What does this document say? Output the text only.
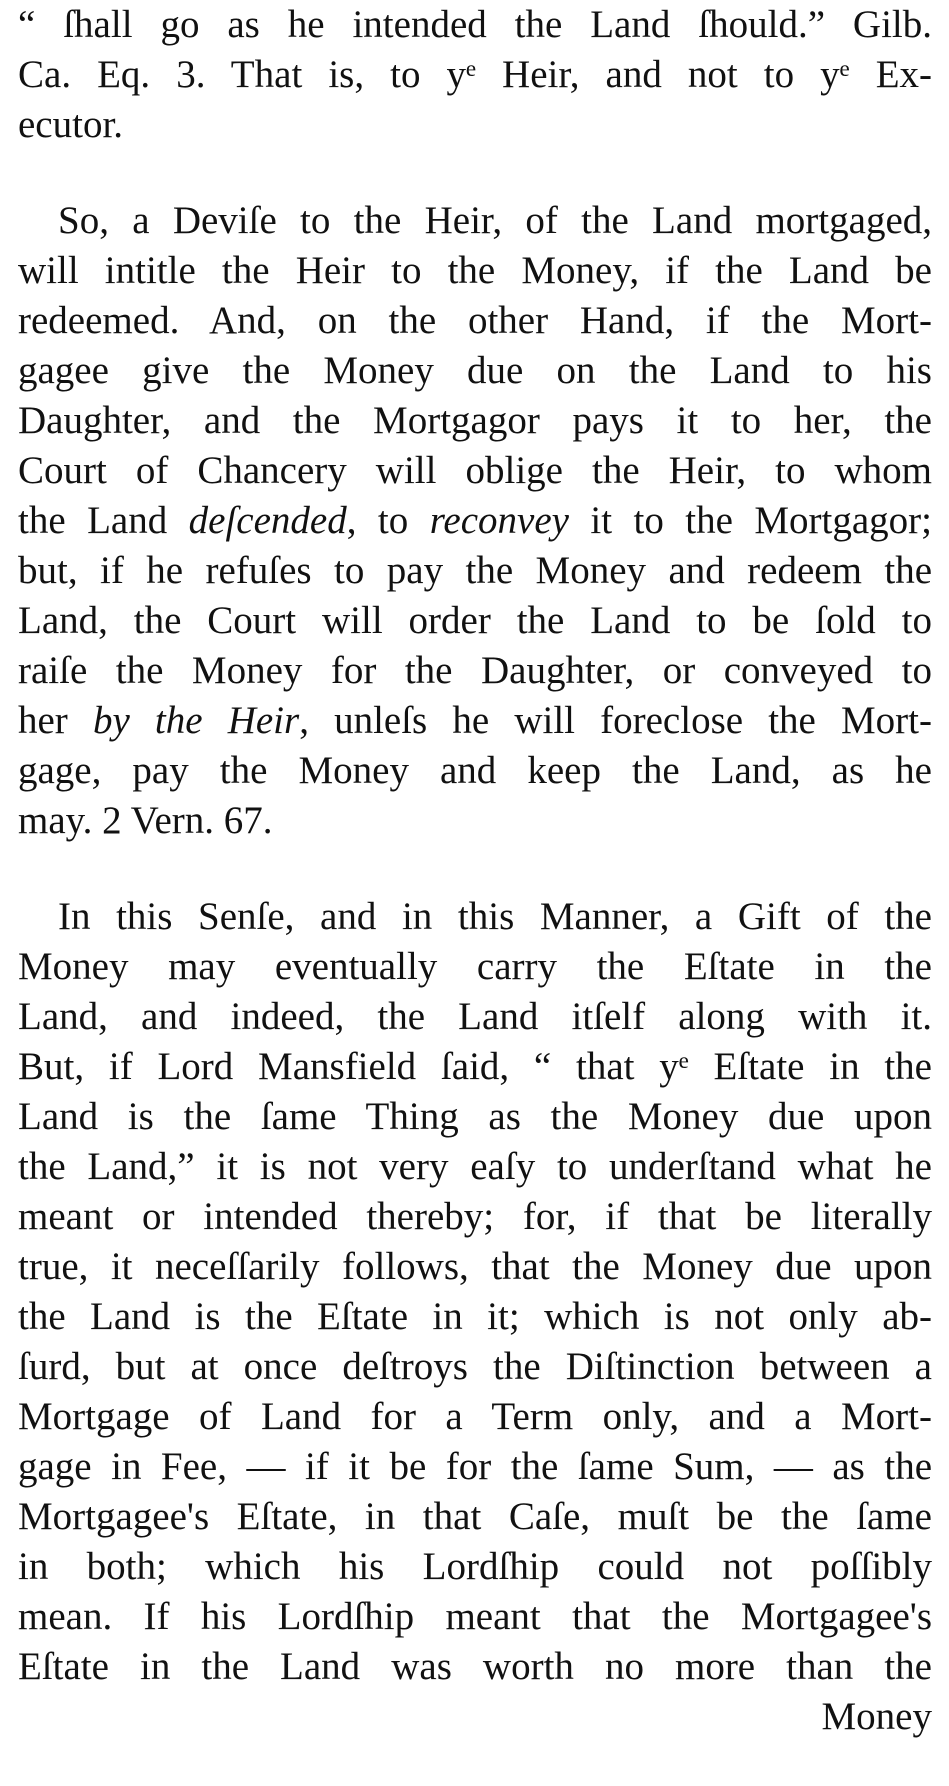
“ ſhall go as he intended the Land ſhould.” Gilb.
Ca. Eq. 3. That is, to yᵉ Heir, and not to yᵉ Ex-
ecutor.
So, a Deviſe to the Heir, of the Land mortgaged,
will intitle the Heir to the Money, if the Land be
redeemed. And, on the other Hand, if the Mort-
gagee give the Money due on the Land to his
Daughter, and the Mortgagor pays it to her, the
Court of Chancery will oblige the Heir, to whom
the Land deſcended, to reconvey it to the Mortgagor;
but, if he refuſes to pay the Money and redeem the
Land, the Court will order the Land to be ſold to
raiſe the Money for the Daughter, or conveyed to
her by the Heir, unleſs he will foreclose the Mort-
gage, pay the Money and keep the Land, as he
may. 2 Vern. 67.
In this Senſe, and in this Manner, a Gift of the
Money may eventually carry the Eſtate in the
Land, and indeed, the Land itſelf along with it.
But, if Lord Mansfield ſaid, “ that yᵉ Eſtate in the
Land is the ſame Thing as the Money due upon
the Land,” it is not very eaſy to underſtand what he
meant or intended thereby; for, if that be literally
true, it neceſſarily follows, that the Money due upon
the Land is the Eſtate in it; which is not only ab-
ſurd, but at once deſtroys the Diſtinction between a
Mortgage of Land for a Term only, and a Mort-
gage in Fee, — if it be for the ſame Sum, — as the
Mortgagee's Eſtate, in that Caſe, muſt be the ſame
in both; which his Lordſhip could not poſſibly
mean. If his Lordſhip meant that the Mortgagee's
Eſtate in the Land was worth no more than the
Money
